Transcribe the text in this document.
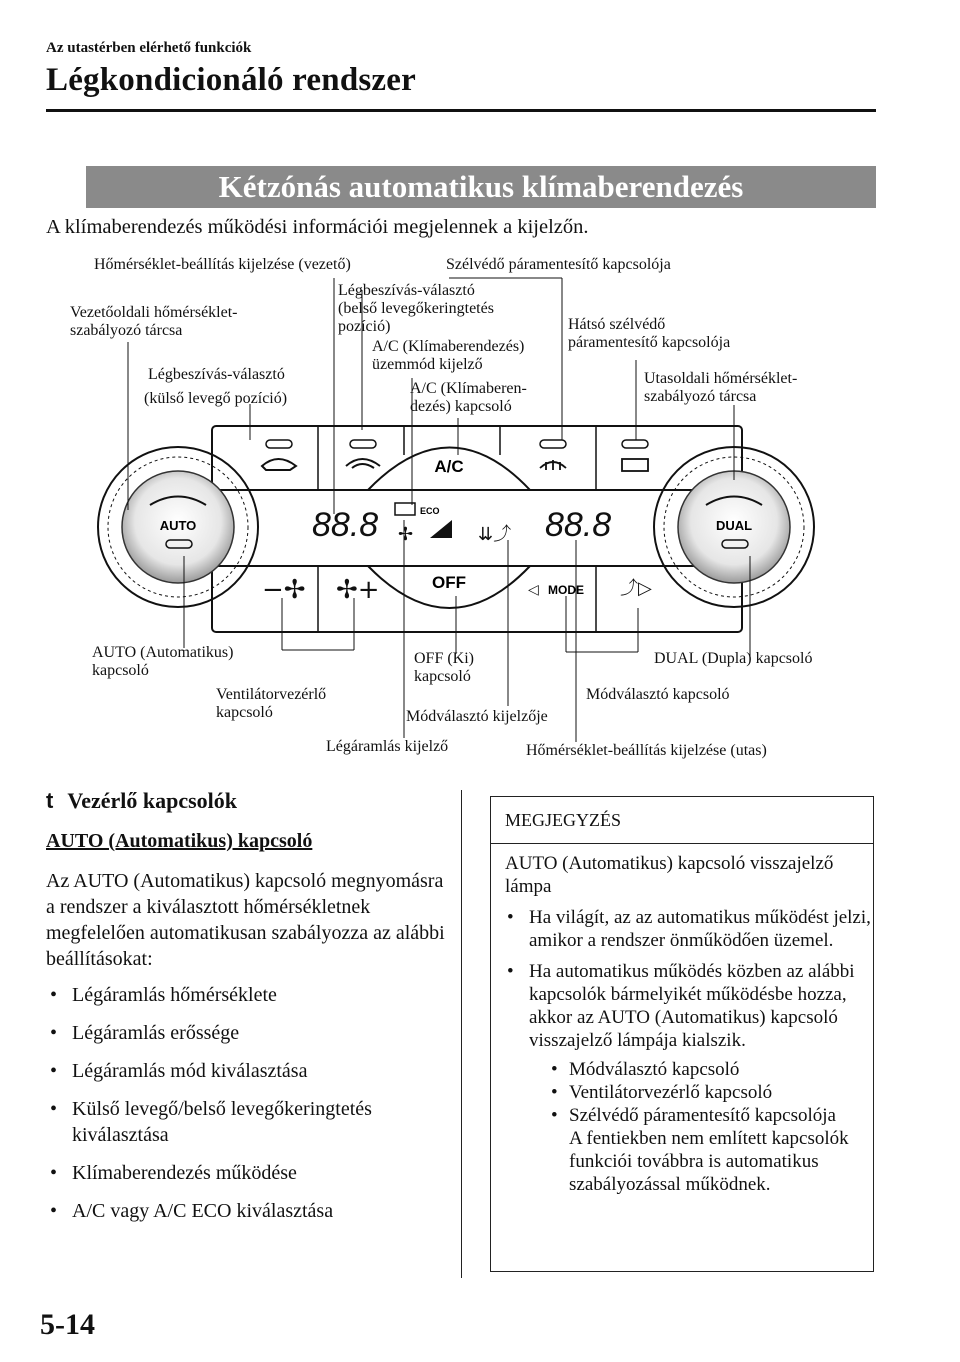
Az utastérben elérhető funkciók
Légkondicionáló rendszer
Kétzónás automatikus klímaberendezés
A klímaberendezés működési információi megjelennek a kijelzőn.
AUTO	DUAL
A/C
OFF	MODE
ECO
88.8	88.8
−✢ ✢+	◁	⤴▷
✢	⇊⤴
Hőmérséklet-beállítás kijelzése (vezető)	Szélvédő páramentesítő kapcsolója
Vezetőoldali hőmérséklet-
szabályozó tárcsa
Légbeszívás-választó
(belső levegőkeringtetés
pozíció)	Hátsó szélvédő
páramentesítő kapcsolója
A/C (Klímaberendezés)
üzemmód kijelző
Légbeszívás-választó
(külső levegő pozíció)
Utasoldali hőmérséklet-
szabályozó tárcsa
A/C (Klímaberen-
dezés) kapcsoló
AUTO (Automatikus)
kapcsoló
OFF (Ki)
kapcsoló
DUAL (Dupla) kapcsoló
Ventilátorvezérlő
kapcsoló
Módválasztó kapcsoló
Módválasztó kijelzője
Légáramlás kijelző	Hőmérséklet-beállítás kijelzése (utas)
t Vezérlő kapcsolók
AUTO (Automatikus) kapcsoló
Az AUTO (Automatikus) kapcsoló megnyomásra a rendszer a kiválasztott hőmérsékletnek megfelelően automatikusan szabályozza az alábbi beállításokat:
• Légáramlás hőmérséklete
• Légáramlás erőssége
• Légáramlás mód kiválasztása
• Külső levegő/belső levegőkeringtetés kiválasztása
• Klímaberendezés működése
• A/C vagy A/C ECO kiválasztása
MEGJEGYZÉS
AUTO (Automatikus) kapcsoló visszajelző lámpa
• Ha világít, az az automatikus működést jelzi, amikor a rendszer önműködően üzemel.
• Ha automatikus működés közben az alábbi kapcsolók bármelyikét működésbe hozza, akkor az AUTO (Automatikus) kapcsoló visszajelző lámpája kialszik.
• Módválasztó kapcsoló
• Ventilátorvezérlő kapcsoló
• Szélvédő páramentesítő kapcsolója
A fentiekben nem említett kapcsolók funkciói továbbra is automatikus szabályozással működnek.
5-14
